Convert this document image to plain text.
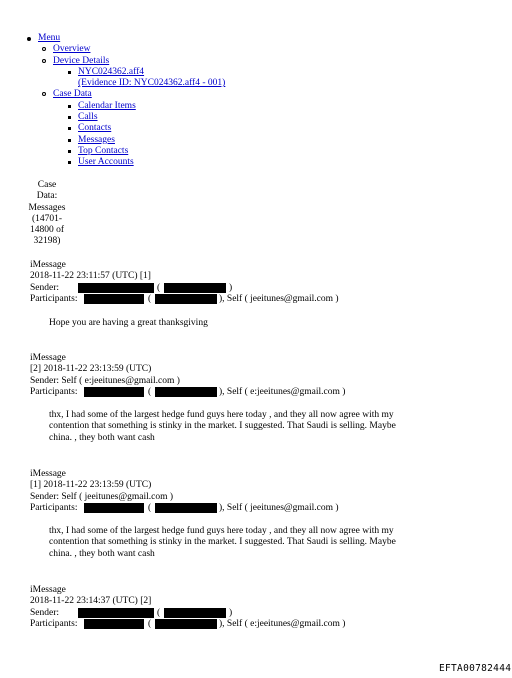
Menu
Overview
Device Details
NYC024362.aff4
(Evidence ID: NYC024362.aff4 - 001)
Case Data
Calendar Items
Calls
Contacts
Messages
Top Contacts
User Accounts
Case
Data:
Messages
(14701-
14800 of
32198)
iMessage
2018-11-22 23:11:57 (UTC) [1]
Sender:	(	)
Participants:	(	), Self ( jeeitunes@gmail.com )
Hope you are having a great thanksgiving
iMessage
[2] 2018-11-22 23:13:59 (UTC)
Sender: Self ( e:jeeitunes@gmail.com )
Participants:	(	), Self ( e:jeeitunes@gmail.com )
thx, I had some of the largest hedge fund guys here today , and they all now agree with my contention that something is stinky in the market. I suggested. That Saudi is selling. Maybe china. , they both want cash
iMessage
[1] 2018-11-22 23:13:59 (UTC)
Sender: Self ( jeeitunes@gmail.com )
Participants:	(	), Self ( jeeitunes@gmail.com )
thx, I had some of the largest hedge fund guys here today , and they all now agree with my contention that something is stinky in the market. I suggested. That Saudi is selling. Maybe china. , they both want cash
iMessage
2018-11-22 23:14:37 (UTC) [2]
Sender:	(	)
Participants:	(	), Self ( e:jeeitunes@gmail.com )
EFTA00782444
